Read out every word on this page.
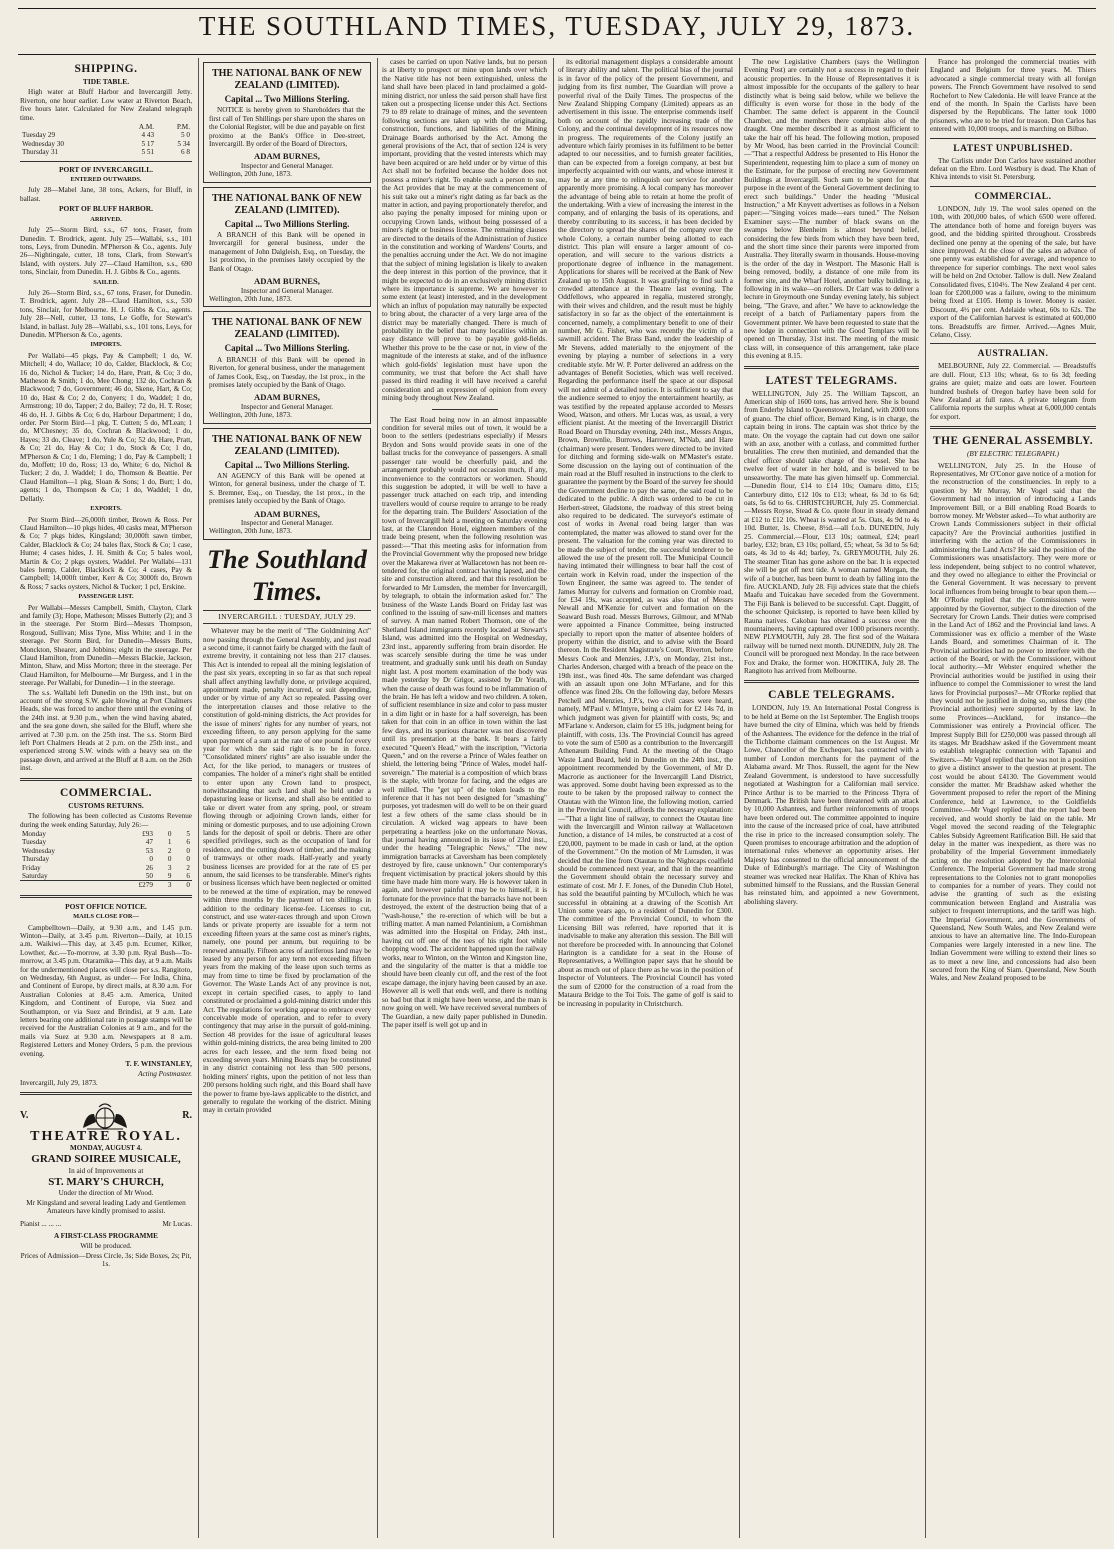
THE SOUTHLAND TIMES, TUESDAY, JULY 29, 1873.
SHIPPING.
TIDE TABLE.

High water at Bluff Harbor and Invercargill Jetty. Riverton, one hour earlier. Low water at Riverton Beach, five hours later. Calculated for New Zealand telegraph time.

	A.M.	P.M.
Tuesday 29	4 43	5 0
Wednesday 30	5 17	5 34
Thursday 31	5 51	6 8
PORT OF INVERCARGILL.
ENTERED OUTWARDS.

July 28—Mabel Jane, 38 tons, Ackers, for Bluff, in ballast.

PORT OF BLUFF HARBOR.
ARRIVED.

July 25—Storm Bird, s.s., 67 tons, Fraser, from Dunedin. T. Brodrick, agent. July 25—Wallabi, s.s., 101 tons, Leys, from Dunedin. M'Pherson & Co., agents. July 26—Nightingale, cutter, 18 tons, Clark, from Stewart's Island, with oysters. July 27—Claud Hamilton, s.s., 690 tons, Sinclair, from Dunedin. H. J. Gibbs & Co., agents.

SAILED.

July 26—Storm Bird, s.s., 67 tons, Fraser, for Dunedin. T. Brodrick, agent. July 28—Claud Hamilton, s.s., 530 tons, Sinclair, for Melbourne. H. J. Gibbs & Co., agents. July 28—Nell, cutter, 13 tons, Le Goffe, for Stewart's Island, in ballast. July 28—Wallabi, s.s., 101 tons, Leys, for Dunedin. M'Pherson & Co., agents.

IMPORTS.

Per Wallabi—45 pkgs, Pay & Campbell; 1 do, W. Mitchell; 4 do, Wallace; 10 do, Calder, Blacklock, & Co; 16 do, Nichol & Tucker; 14 do, Hare, Pratt, & Co; 3 do, Matheson & Smith; 1 do, Mee Chong; 132 do, Cochran & Blackwood; 7 do, Government; 46 do, Skene, Hart, & Co; 10 do, Hast & Co; 2 do, Conyers; 1 do, Waddel; 1 do, Armstrong; 10 do, Tapper; 2 do, Bailey; 72 do, H. T. Rose; 46 do, H. J. Gibbs & Co; 6 do, Harbour Department; 1 do, order. Per Storm Bird—1 pkg, T. Cutten; 5 do, M'Lean; 1 do, M'Chesney; 35 do, Cochran & Blackwood; 1 do, Hayes; 33 do, Cleave; 1 do, Yule & Co; 52 do, Hare, Pratt, & Co; 21 do, Hay & Co; 1 do, Stock & Co; 1 do, M'Pherson & Co; 1 do, Fleming; 1 do, Pay & Campbell; 1 do, Moffett; 10 do, Ross; 13 do, White; 6 do, Nichol & Tucker; 2 do, J. Waddel; 1 do, Thomson & Beattie. Per Claud Hamilton—1 pkg, Sloan & Sons; 1 do, Burt; 1 do, agents; 1 do, Thompson & Co; 1 do, Waddel; 1 do, Dellatly.

EXPORTS.

Per Storm Bird—26,000ft timber, Brown & Ross. Per Claud Hamilton—10 pkgs hides, 40 casks meat, M'Pherson & Co; 7 pkgs hides, Kingsland; 30,000ft sawn timber, Calder, Blacklock & Co; 24 bales flax, Stock & Co; 1 case, Hume; 4 cases hides, J. H. Smith & Co; 5 bales wool, Martin & Co; 2 pkgs oysters, Waddel. Per Wallabi—131 bales hemp, Calder, Blacklock & Co; 4 cases, Pay & Campbell; 14,000ft timber, Kerr & Co; 3000ft do, Brown & Ross; 7 sacks oysters, Nichol & Tucker; 1 pcl, Erskine.

PASSENGER LIST.

Per Wallabi—Messrs Campbell, Smith, Clayton, Clark and family (3); Hope, Matheson; Misses Butterly (2); and 3 in the steerage. Per Storm Bird—Messrs Thompson, Rosgoud, Sullivan; Miss Tyne, Miss White; and 1 in the steerage. Per Storm Bird, for Dunedin—Messrs Butts, Monckton, Shearer, and Jobbins; eight in the steerage. Per Claud Hamilton, from Dunedin—Messrs Blackie, Jackson, Minton, Shaw, and Miss Morton; three in the steerage. Per Claud Hamilton, for Melbourne—Mr Burgess, and 1 in the steerage. Per Wallabi, for Dunedin—1 in the steerage.

The s.s. Wallabi left Dunedin on the 19th inst., but on account of the strong S.W. gale blowing at Port Chalmers Heads, she was forced to anchor there until the evening of the 24th inst. at 9.30 p.m., when the wind having abated, and the sea gone down, she sailed for the Bluff, where she arrived at 7.30 p.m. on the 25th inst. The s.s. Storm Bird left Port Chalmers Heads at 2 p.m. on the 25th inst., and experienced strong S.W. winds with a heavy sea on the passage down, and arrived at the Bluff at 8 a.m. on the 26th inst.

COMMERCIAL.
CUSTOMS RETURNS.

The following has been collected as Customs Revenue during the week ending Saturday, July 26:—

Monday	£93	0	5
Tuesday	47	1	6
Wednesday	53	2	0
Thursday	0	0	0
Friday	26	3	2
Saturday	50	9	6
	£279	3	0
POST OFFICE NOTICE.
MAILS CLOSE FOR—

Campbelltown—Daily, at 9.30 a.m., and 1.45 p.m. Winton—Daily, at 3.45 p.m. Riverton—Daily, at 10.15 a.m. Waikiwi—This day, at 3.45 p.m. Ecumer, Kilker, Lowther, &c.—To-morrow, at 3.30 p.m. Ryal Bush—To-morrow, at 3.45 p.m. Otaramika—This day, at 9 a.m. Mails for the undermentioned places will close per s.s. Rangitoto, on Wednesday, 6th August, as under— For India, China, and Continent of Europe, by direct mails, at 8.30 a.m. For Australian Colonies at 8.45 a.m. America, United Kingdom, and Continent of Europe, via Suez and Southampton, or via Suez and Brindisi, at 9 a.m. Late letters bearing one additional rate in postage stamps will be received for the Australian Colonies at 9 a.m., and for the mails via Suez at 9.30 a.m. Newspapers at 8 a.m. Registered Letters and Money Orders, 5 p.m. the previous evening.

T. F. WINSTANLEY,
Acting Postmaster.
Invercargill, July 29, 1873.
V.	R.
THEATRE ROYAL.
MONDAY, AUGUST 4.
GRAND SOIREE MUSICALE,
In aid of Improvements at
ST. MARY'S CHURCH,
Under the direction of Mr Wood.
Mr Kingsland and several leading Lady and Gentlemen Amateurs have kindly promised to assist.
Pianist ... ... ...	Mr Lucas.
A FIRST-CLASS PROGRAMME
Will be produced.
Prices of Admission—Dress Circle, 3s; Side Boxes, 2s; Pit, 1s.
THE NATIONAL BANK OF NEW ZEALAND (LIMITED).
Capital ... Two Millions Sterling.

NOTICE is hereby given to Shareholders that the first call of Ten Shillings per share upon the shares on the Colonial Register, will be due and payable on first proximo at the Bank's Office in Dee-street, Invercargill. By order of the Board of Directors,

ADAM BURNES,
Inspector and General Manager.
Wellington, 20th June, 1873.
THE NATIONAL BANK OF NEW ZEALAND (LIMITED).
Capital ... Two Millions Sterling.

A BRANCH of this Bank will be opened in Invercargill for general business, under the management of John Dalgleish, Esq., on Tuesday, the 1st proximo, in the premises lately occupied by the Bank of Otago.

ADAM BURNES,
Inspector and General Manager.
Wellington, 20th June, 1873.
THE NATIONAL BANK OF NEW ZEALAND (LIMITED).
Capital ... Two Millions Sterling.

A BRANCH of this Bank will be opened in Riverton, for general business, under the management of James Cook, Esq., on Tuesday, the 1st prox., in the premises lately occupied by the Bank of Otago.

ADAM BURNES,
Inspector and General Manager.
Wellington, 20th June, 1873.
THE NATIONAL BANK OF NEW ZEALAND (LIMITED).
Capital ... Two Millions Sterling.

AN AGENCY of this Bank will be opened at Winton, for general business, under the charge of T. S. Bremner, Esq., on Tuesday, the 1st prox., in the premises lately occupied by the Bank of Otago.

ADAM BURNES,
Inspector and General Manager.
Wellington, 20th June, 1873.
The Southland Times.
INVERCARGILL : TUESDAY, JULY 29.

Whatever may be the merit of "The Goldmining Act" now passing through the General Assembly, and just read a second time, it cannot fairly be charged with the fault of extreme brevity, it containing not less than 217 clauses. This Act is intended to repeal all the mining legislation of the past six years, excepting in so far as that such repeal shall affect anything lawfully done, or privilege acquired, appointment made, penalty incurred, or suit depending, under or by virtue of any Act so repealed. Passing over the interpretation clauses and those relative to the constitution of gold-mining districts, the Act provides for the issue of miners' rights for any number of years, not exceeding fifteen, to any person applying for the same upon payment of a sum at the rate of one pound for every year for which the said right is to be in force. "Consolidated miners' rights" are also issuable under the Act, for the like period, to managers or trustees of companies. The holder of a miner's right shall be entitled to enter upon any Crown land to prospect, notwithstanding that such land shall be held under a depasturing lease or license, and shall also be entitled to take or divert water from any spring, pool, or stream flowing through or adjoining Crown lands, either for mining or domestic purposes, and to use adjoining Crown lands for the deposit of spoil or debris. There are other specified privileges, such as the occupation of land for residence, and the cutting down of timber, and the making of tramways or other roads. Half-yearly and yearly business licenses are provided for at the rate of £5 per annum, the said licenses to be transferable. Miner's rights or business licenses which have been neglected or omitted to be renewed at the time of expiration, may be renewed within three months by the payment of ten shillings in addition to the ordinary license-fee. Licenses to cut, construct, and use water-races through and upon Crown lands or private property are issuable for a term not exceeding fifteen years at the same cost as miner's rights, namely, one pound per annum, but requiring to be renewed annually. Fifteen acres of auriferous land may be leased by any person for any term not exceeding fifteen years from the making of the lease upon such terms as may from time to time be fixed by proclamation of the Governor. The Waste Lands Act of any province is not, except in certain specified cases, to apply to land constituted or proclaimed a gold-mining district under this Act. The regulations for working appear to embrace every conceivable mode of operation, and to refer to every contingency that may arise in the pursuit of gold-mining. Section 48 provides for the issue of agricultural leases within gold-mining districts, the area being limited to 200 acres for each lessee, and the term fixed being not exceeding seven years. Mining Boards may be constituted in any district containing not less than 500 persons, holding miners' rights, upon the petition of not less than 200 persons holding such right, and this Board shall have the power to frame bye-laws applicable to the district, and generally to regulate the working of the district. Mining may in certain provided

cases be carried on upon Native lands, but no person is at liberty to prospect or mine upon lands over which the Native title has not been extinguished, unless the land shall have been placed in land proclaimed a gold-mining district, nor unless the said person shall have first taken out a prospecting license under this Act. Sections 79 to 89 relate to drainage of mines, and the seventeen following sections are taken up with the originating, construction, functions, and liabilities of the Mining Drainage Boards authorised by the Act. Among the general provisions of the Act, that of section 124 is very important, providing that the vested interests which may have been acquired or are held under or by virtue of this Act shall not be forfeited because the holder does not possess a miner's right. To enable such a person to sue, the Act provides that he may at the commencement of his suit take out a miner's right dating as far back as the matter in action, and paying proportionately therefor, and also paying the penalty imposed for mining upon or occupying Crown lands, without being possessed of a miner's right or business license. The remaining clauses are directed to the details of the Administration of Justice in the constitution and working of Wardens' Courts, and the penalties accruing under the Act. We do not imagine that the subject of mining legislation is likely to awaken the deep interest in this portion of the province, that it might be expected to do in an exclusively mining district where its importance is supreme. We are however to some extent (at least) interested, and in the development which an influx of population may naturally be expected to bring about, the character of a very large area of the district may be materially changed. There is much of probability in the belief that many localities within an easy distance will prove to be payable gold-fields. Whether this prove to be the case or not, in view of the magnitude of the interests at stake, and of the influence which gold-fields' legislation must have upon the community, we trust that before the Act shall have passed its third reading it will have received a careful consideration and an expression of opinion from every mining body throughout New Zealand.

The East Road being now in an almost impassable condition for several miles out of town, it would be a boon to the settlers (pedestrians especially) if Messrs Brydon and Sons would provide seats in one of the ballast trucks for the conveyance of passengers. A small passenger rate would be cheerfully paid, and the arrangement probably would not occasion much, if any, inconvenience to the contractors or workmen. Should this suggestion be adopted, it will be well to have a passenger truck attached on each trip, and intending travellers would of course require to arrange to be ready for the departing train. The Builders' Association of the town of Invercargill held a meeting on Saturday evening last, at the Clarendon Hotel, eighteen members of the trade being present, when the following resolution was passed:—"That this meeting asks for information from the Provincial Government why the proposed new bridge over the Makarewa river at Wallacetown has not been re-tendered for, the original contract having lapsed, and the site and construction altered, and that this resolution be forwarded to Mr Lumsden, the member for Invercargill, by telegraph, to obtain the information asked for." The business of the Waste Lands Board on Friday last was confined to the issuing of saw-mill licenses and matters of survey. A man named Robert Thomson, one of the Shetland Island immigrants recently located at Stewart's Island, was admitted into the Hospital on Wednesday, 23rd inst., apparently suffering from brain disorder. He was scarcely sensible during the time he was under treatment, and gradually sunk until his death on Sunday night last. A post mortem examination of the body was made yesterday by Dr Grigor, assisted by Dr Yorath, when the cause of death was found to be inflammation of the brain. He has left a widow and two children. A token, of sufficient resemblance in size and color to pass muster in a dim light or in haste for a half sovereign, has been taken for that coin in an office in town within the last few days, and its spurious character was not discovered until its presentation at the bank. It bears a fairly executed "Queen's Head," with the inscription, "Victoria Queen," and on the reverse a Prince of Wales feather on shield, the lettering being "Prince of Wales, model half-sovereign." The material is a composition of which brass is the staple, with bronze for facing, and the edges are well milled. The "get up" of the token leads to the inference that it has not been designed for "smashing" purposes, yet tradesmen will do well to be on their guard lest a few others of the same class should be in circulation. A wicked wag appears to have been perpetrating a heartless joke on the unfortunate Novas, that journal having announced in its issue of 23rd inst., under the heading "Telegraphic News," "The new immigration barracks at Caversham has been completely destroyed by fire, cause unknown." Our contemporary's frequent victimisation by practical jokers should by this time have made him more wary. He is however taken in again, and however painful it may be to himself, it is fortunate for the province that the barracks have not been destroyed, the extent of the destruction being that of a "wash-house," the re-erection of which will be but a trifling matter. A man named Pelantinium, a Cornishman was admitted into the Hospital on Friday, 24th inst., having cut off one of the toes of his right foot while chopping wood. The accident happened upon the railway works, near to Winton, on the Winton and Kingston line, and the singularity of the matter is that a middle toe should have been cleanly cut off, and the rest of the foot escape damage, the injury having been caused by an axe. However all is well that ends well, and there is nothing so bad but that it might have been worse, and the man is now going on well. We have received several numbers of The Guardian, a new daily paper published in Dunedin. The paper itself is well got up and in

its editorial management displays a considerable amount of literary ability and talent. The political bias of the journal is in favor of the policy of the present Government, and judging from its first number, The Guardian will prove a powerful rival of the Daily Times. The prospectus of the New Zealand Shipping Company (Limited) appears as an advertisement in this issue. The enterprise commends itself both on account of the rapidly increasing trade of the Colony, and the continual development of its resources now in progress. The requirements of the Colony justify an adventure which fairly promises in its fulfilment to be better adapted to our necessities, and to furnish greater facilities, than can be expected from a foreign company, at best but imperfectly acquainted with our wants, and whose interest it may be at any time to relinquish our service for another apparently more promising. A local company has moreover the advantage of being able to retain at home the profit of the undertaking. With a view of increasing the interest in the company, and of enlarging the basis of its operations, and thereby contributing to its success, it has been decided by the directory to spread the shares of the company over the whole Colony, a certain number being allotted to each district. This plan will ensure a larger amount of co-operation, and will secure to the various districts a proportionate degree of influence in the management. Applications for shares will be received at the Bank of New Zealand up to 15th August. It was gratifying to find such a crowded attendance at the Theatre last evening. The Oddfellows, who appeared in regalia, mustered strongly, with their wives and children, and the result must be highly satisfactory in so far as the object of the entertainment is concerned, namely, a complimentary benefit to one of their number, Mr G. Fisher, who was recently the victim of a sawmill accident. The Brass Band, under the leadership of Mr Stevens, added materially to the enjoyment of the evening by playing a number of selections in a very creditable style. Mr W. P. Porter delivered an address on the advantages of Benefit Societies, which was well received. Regarding the performance itself the space at our disposal will not admit of a detailed notice. It is sufficient to say that the audience seemed to enjoy the entertainment heartily, as was testified by the repeated applause accorded to Messrs Wood, Watson, and others. Mr Lucas was, as usual, a very efficient pianist. At the meeting of the Invercargill District Road Board on Thursday evening, 24th inst., Messrs Angus, Brown, Brownlie, Burrows, Harrower, M'Nab, and Hare (chairman) were present. Tenders were directed to be invited for ditching and forming side-walk on M'Master's estate. Some discussion on the laying out of continuation of the main road at the Bluff resulted in instructions to the clerk to guarantee the payment by the Board of the survey fee should the Government decline to pay the same, the said road to be dedicated to the public. A ditch was ordered to be cut in Herbert-street, Gladstone, the roadway of this street being also required to be dedicated. The surveyor's estimate of cost of works in Avenal road being larger than was contemplated, the matter was allowed to stand over for the present. The valuation for the coming year was directed to be made the subject of tender, the successful tenderer to be allowed the use of the present roll. The Municipal Council having intimated their willingness to bear half the cost of certain work in Kelvin road, under the inspection of the Town Engineer, the same was agreed to. The tender of James Murray for culverts and formation on Crombie road, for £34 19s, was accepted, as was also that of Messrs Newall and M'Kenzie for culvert and formation on the Seaward Bush road. Messrs Burrows, Gilmour, and M'Nab were appointed a Finance Committee, being instructed specially to report upon the matter of absentee holders of property within the district, and to advise with the Board thereon. In the Resident Magistrate's Court, Riverton, before Messrs Cook and Menzies, J.P.'s, on Monday, 21st inst., Charles Anderson, charged with a breach of the peace on the 19th inst., was fined 40s. The same defendant was charged with an assault upon one John M'Farlane, and for this offence was fined 20s. On the following day, before Messrs Petchell and Menzies, J.P.'s, two civil cases were heard, namely, M'Paul v. M'Intyre, being a claim for £2 14s 7d, in which judgment was given for plaintiff with costs, 9s; and M'Farlane v. Anderson, claim for £5 10s, judgment being for plaintiff, with costs, 13s. The Provincial Council has agreed to vote the sum of £500 as a contribution to the Invercargill Athenæum Building Fund. At the meeting of the Otago Waste Land Board, held in Dunedin on the 24th inst., the appointment recommended by the Government, of Mr D. Macrorie as auctioneer for the Invercargill Land District, was approved. Some doubt having been expressed as to the route to be taken by the proposed railway to connect the Otautau with the Winton line, the following motion, carried in the Provincial Council, affords the necessary explanation:—"That a light line of railway, to connect the Otautau line with the Invercargill and Winton railway at Wallacetown Junction, a distance of 14 miles, be constructed at a cost of £20,000, payment to be made in cash or land, at the option of the Government." On the motion of Mr Lumsden, it was decided that the line from Otautau to the Nightcaps coalfield should be commenced next year, and that in the meantime the Government should obtain the necessary survey and estimate of cost. Mr J. F. Jones, of the Dunedin Club Hotel, has sold the beautiful painting by M'Culloch, which he was successful in obtaining at a drawing of the Scottish Art Union some years ago, to a resident of Dunedin for £300. The committee of the Provincial Council, to whom the Licensing Bill was referred, have reported that it is inadvisable to make any alteration this session. The Bill will not therefore be proceeded with. In announcing that Colonel Harington is a candidate for a seat in the House of Representatives, a Wellington paper says that he should be about as much out of place there as he was in the position of Inspector of Volunteers. The Provincial Council has voted the sum of £2000 for the construction of a road from the Mataura Bridge to the Toi Tois. The game of golf is said to be increasing in popularity in Christchurch.

The new Legislative Chambers (says the Wellington Evening Post) are certainly not a success in regard to their acoustic properties. In the House of Representatives it is almost impossible for the occupants of the gallery to hear distinctly what is being said below, while we believe the difficulty is even worse for those in the body of the Chamber. The same defect is apparent in the Council Chamber, and the members there complain also of the draught. One member described it as almost sufficient to take the hair off his head. The following motion, proposed by Mr Wood, has been carried in the Provincial Council:—"That a respectful Address be presented to His Honor the Superintendent, requesting him to place a sum of money on the Estimate, for the purpose of erecting new Government Buildings at Invercargill. Such sum to be spent for that purpose in the event of the General Government declining to erect such buildings." Under the heading "Musical Instruction," a Mr Knyvett advertises as follows in a Nelson paper:—"Singing voices made—ears tuned." The Nelson Examiner says:—The number of black swans on the swamps below Blenheim is almost beyond belief, considering the few birds from which they have been bred, and the short time since their parents were imported from Australia. They literally swarm in thousands. House-moving is the order of the day in Westport. The Masonic Hall is being removed, bodily, a distance of one mile from its former site, and the Wharf Hotel, another bulky building, is following in its wake—on rollers. Dr Carr was to deliver a lecture in Greymouth one Sunday evening lately, his subject being, "The Grave, and after." We have to acknowledge the receipt of a batch of Parliamentary papers from the Government printer. We have been requested to state that the new lodge in connection with the Good Templars will be opened on Thursday, 31st inst. The meeting of the music class will, in consequence of this arrangement, take place this evening at 8.15.

LATEST TELEGRAMS.

WELLINGTON, July 25. The William Tapscott, an American ship of 1600 tons, has arrived here. She is bound from Enderby Island to Queenstown, Ireland, with 2000 tons of guano. The chief officer, Bernard King, is in charge, the captain being in irons. The captain was shot thrice by the mate. On the voyage the captain had cut down one sailor with an axe, another with a cutlass, and committed further brutalities. The crew then mutinied, and demanded that the chief officer should take charge of the vessel. She has twelve feet of water in her hold, and is believed to be unseaworthy. The mate has given himself up. Commercial.—Dunedin flour, £14 to £14 10s; Oamaru ditto, £15; Canterbury ditto, £12 10s to £13; wheat, 6s 3d to 6s 6d; oats, 5s 6d to 6s. CHRISTCHURCH, July 25. Commercial.—Messrs Royse, Stead & Co. quote flour in steady demand at £12 to £12 10s. Wheat is wanted at 5s. Oats, 4s 9d to 4s 10d. Butter, 1s. Cheese, 8½d.—all f.o.b. DUNEDIN, July 25. Commercial.—Flour, £13 10s; oatmeal, £24; pearl barley, £32; bran, £3 10s; pollard, £5; wheat, 5s 3d to 5s 6d; oats, 4s 3d to 4s 4d; barley, 7s. GREYMOUTH, July 26. The steamer Titan has gone ashore on the bar. It is expected she will be got off next tide. A woman named Morgan, the wife of a butcher, has been burnt to death by falling into the fire. AUCKLAND, July 28. Fiji advices state that the chiefs Maafu and Tuicakau have seceded from the Government. The Fiji Bank is believed to be successful. Capt. Daggitt, of the schooner Quickstep, is reported to have been killed by Rauna natives. Cakobau has obtained a success over the mountaineers, having captured over 1000 prisoners recently. NEW PLYMOUTH, July 28. The first sod of the Waitara railway will be turned next month. DUNEDIN, July 28. The Council will be prorogued next Monday. In the race between Fox and Drake, the former won. HOKITIKA, July 28. The Rangitoto has arrived from Melbourne.

CABLE TELEGRAMS.

LONDON, July 19. An International Postal Congress is to be held at Berne on the 1st September. The English troops have burned the city of Elmina, which was held by friends of the Ashantees. The evidence for the defence in the trial of the Tichborne claimant commences on the 1st August. Mr Lowe, Chancellor of the Exchequer, has contracted with a number of London merchants for the payment of the Alabama award. Mr Thos. Russell, the agent for the New Zealand Government, is understood to have successfully negotiated at Washington for a Californian mail service. Prince Arthur is to be married to the Princess Thyra of Denmark. The British have been threatened with an attack by 10,000 Ashantees, and further reinforcements of troops have been ordered out. The committee appointed to inquire into the cause of the increased price of coal, have attributed the rise in price to the increased consumption solely. The Queen promises to encourage arbitration and the adoption of international rules whenever an opportunity arises. Her Majesty has consented to the official announcement of the Duke of Edinburgh's marriage. The City of Washington steamer was wrecked near Halifax. The Khan of Khiva has submitted himself to the Russians, and the Russian General has reinstated him, and appointed a new Government, abolishing slavery.

France has prolonged the commercial treaties with England and Belgium for three years. M. Thiers advocated a single commercial treaty with all foreign powers. The French Government have resolved to send Rochefort to New Caledonia. He will leave France at the end of the month. In Spain the Carlists have been dispersed by the Republicans. The latter took 1000 prisoners, who are to be tried for treason. Don Carlos has entered with 10,000 troops, and is marching on Bilbao.

LATEST UNPUBLISHED.

The Carlists under Don Carlos have sustained another defeat on the Ebro. Lord Westbury is dead. The Khan of Khiva intends to visit St. Petersburg.

COMMERCIAL.

LONDON, July 19. The wool sales opened on the 10th, with 200,000 bales, of which 6500 were offered. The attendance both of home and foreign buyers was good, and the bidding spirited throughout. Crossbreds declined one penny at the opening of the sale, but have since improved. At the close of the sales an advance of one penny was established for average, and twopence to threepence for superior combings. The next wool sales will be held on 2nd October. Tallow is dull. New Zealand Consolidated fives, £104½. The New Zealand 4 per cent. loan for £200,000 was a failure, owing to the minimum being fixed at £105. Hemp is lower. Money is easier. Discount, 4½ per cent. Adelaide wheat, 60s to 62s. The export of the Californian harvest is estimated at 600,000 tons. Breadstuffs are firmer. Arrived.—Agnes Muir, Celano, Cissy.

AUSTRALIAN.

MELBOURNE, July 22. Commercial. — Breadstuffs are dull. Flour, £13 10s; wheat, 6s to 6s 3d; feeding grains are quiet; maize and oats are lower. Fourteen hundred bushels of Oregon barley have been sold for New Zealand at full rates. A private telegram from California reports the surplus wheat at 6,000,000 centals for export.

THE GENERAL ASSEMBLY.
(BY ELECTRIC TELEGRAPH.)

WELLINGTON, July 25. In the House of Representatives, Mr O'Conor gave notice of a motion for the reconstruction of the constituencies. In reply to a question by Mr Murray, Mr Vogel said that the Government had no intention of introducing a Lands Improvement Bill, or a Bill enabling Road Boards to borrow money. Mr Webster asked—To what authority are Crown Lands Commissioners subject in their official capacity? Are the Provincial authorities justified in interfering with the action of the Commissioners in administering the Land Acts? He said the position of the Commissioners was unsatisfactory. They were more or less independent, being subject to no control whatever, and they owed no allegiance to either the Provincial or the General Government. It was necessary to prevent local influences from being brought to bear upon them.—Mr O'Rorke replied that the Commissioners were appointed by the Governor, subject to the direction of the Secretary for Crown Lands. Their duties were comprised in the Land Act of 1862 and the Provincial land laws. A Commissioner was ex officio a member of the Waste Lands Board, and sometimes Chairman of it. The Provincial authorities had no power to interfere with the action of the Board, or with the Commissioner, without local authority.—Mr Webster enquired whether the Provincial authorities would be justified in using their influence to compel the Commissioner to wrest the land laws for Provincial purposes?—Mr O'Rorke replied that they would not be justified in doing so, unless they (the Provincial authorities) were supported by the law. In some Provinces—Auckland, for instance—the Commissioner was entirely a Provincial officer. The Imprest Supply Bill for £250,000 was passed through all its stages. Mr Bradshaw asked if the Government meant to establish telegraphic connection with Tapanui and Switzers.—Mr Vogel replied that he was not in a position to give a distinct answer to the question at present. The cost would be about £4130. The Government would consider the matter. Mr Bradshaw asked whether the Government proposed to refer the report of the Mining Conference, held at Lawrence, to the Goldfields Committee.—Mr Vogel replied that the report had been received, and would shortly be laid on the table. Mr Vogel moved the second reading of the Telegraphic Cables Subsidy Agreement Ratification Bill. He said that delay in the matter was inexpedient, as there was no probability of the Imperial Government immediately acting on the resolution adopted by the Intercolonial Conference. The Imperial Government had made strong representations to the Colonies not to grant monopolies to companies for a number of years. They could not advise the granting of such as the existing communication between England and Australia was subject to frequent interruptions, and the tariff was high. The Imperial Government, and the Governments of Queensland, New South Wales, and New Zealand were anxious to have an alternative line. The Indo-European Companies were largely interested in a new line. The Indian Government were willing to extend their lines so as to meet a new line, and concessions had also been secured from the King of Siam. Queensland, New South Wales, and New Zealand proposed to be
